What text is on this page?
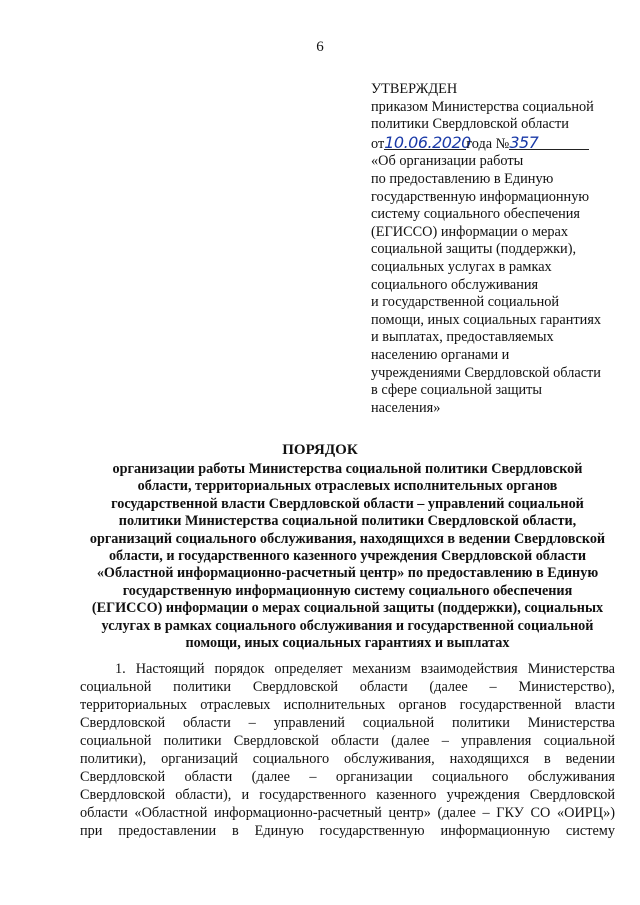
6
УТВЕРЖДЕН
приказом Министерства социальной
политики Свердловской области
от10.06.2020года №357
«Об организации работы
по предоставлению в Единую
государственную информационную
систему социального обеспечения
(ЕГИССО) информации о мерах
социальной защиты (поддержки),
социальных услугах в рамках
социального обслуживания
и государственной социальной
помощи, иных социальных гарантиях
и выплатах, предоставляемых
населению органами и
учреждениями Свердловской области
в сфере социальной защиты
населения»
ПОРЯДОК
организации работы Министерства социальной политики Свердловской
области, территориальных отраслевых исполнительных органов
государственной власти Свердловской области – управлений социальной
политики Министерства социальной политики Свердловской области,
организаций социального обслуживания, находящихся в ведении Свердловской
области, и государственного казенного учреждения Свердловской области
«Областной информационно-расчетный центр» по предоставлению в Единую
государственную информационную систему социального обеспечения
(ЕГИССО) информации о мерах социальной защиты (поддержки), социальных
услугах в рамках социального обслуживания и государственной социальной
помощи, иных социальных гарантиях и выплатах
1. Настоящий порядок определяет механизм взаимодействия Министерства
социальной политики Свердловской области (далее – Министерство),
территориальных отраслевых исполнительных органов государственной власти
Свердловской области – управлений социальной политики Министерства
социальной политики Свердловской области (далее – управления социальной
политики), организаций социального обслуживания, находящихся в ведении
Свердловской области (далее – организации социального обслуживания
Свердловской области), и государственного казенного учреждения Свердловской
области «Областной информационно-расчетный центр» (далее – ГКУ СО «ОИРЦ»)
при предоставлении в Единую государственную информационную систему
